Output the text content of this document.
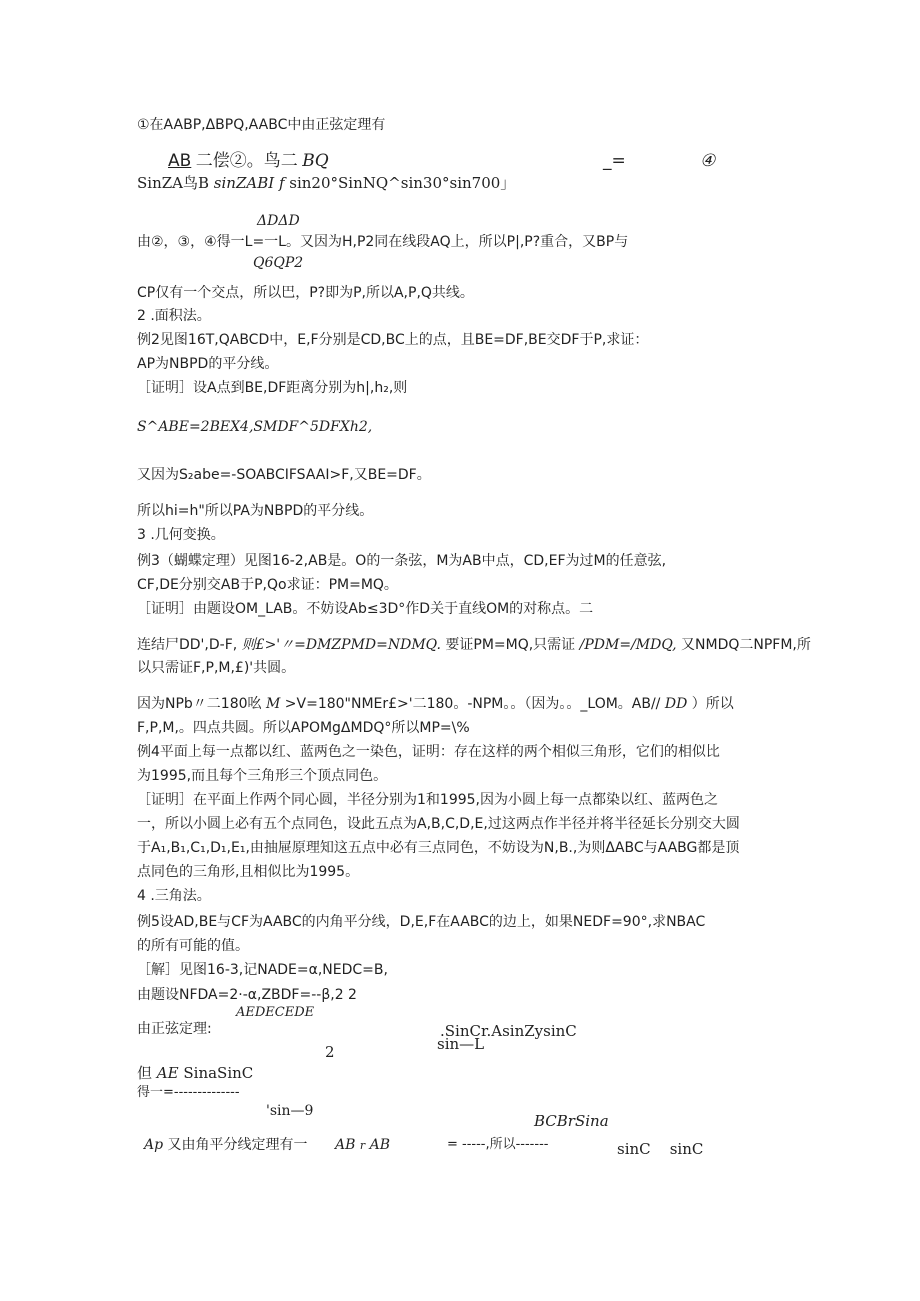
①在AABP,ΔBPQ,AABC中由正弦定理有
AB 二偿②。鸟二 BQ	_=	④
SinZA鸟B sinZABI f sin20°SinNQ^sin30°sin700」
ΔDΔD
由②，③，④得一L=一L。又因为H,P2同在线段AQ上，所以P|,P?重合，又BP与
Q6QP2
CP仅有一个交点，所以巴，P?即为P,所以A,P,Q共线。
2 .面积法。
例2见图16T,QABCD中，E,F分别是CD,BC上的点，且BE=DF,BE交DF于P,求证：
AP为NBPD的平分线。
［证明］设A点到BE,DF距离分别为h|,h₂,则
S^ABE=2BEX4,SMDF^5DFXh2,
又因为S₂abe=-SOABCIFSAAI>F,又BE=DF。
所以hi=h"所以PA为NBPD的平分线。
3 .几何变换。
例3（蝴蝶定理）见图16-2,AB是。O的一条弦，M为AB中点，CD,EF为过M的任意弦,
CF,DE分别交AB于P,Qo求证：PM=MQ。
［证明］由题设OM_LAB。不妨设Ab≤3D°作D关于直线OM的对称点。二
连结尸DD',D-F, 则£>'〃=DMZPMD=NDMQ. 要证PM=MQ,只需证 /PDM=/MDQ, 又NMDQ二NPFM,所
以只需证F,P,M,£)'共圆。
因为NPb〃二180吆 M >V=180"NMEr£>'二180。-NPM。。（因为。。_LOM。AB// DD ）所以
F,P,M,。四点共圆。所以APOMgΔMDQ°所以MP=\%
例4平面上每一点都以红、蓝两色之一染色，证明：存在这样的两个相似三角形，它们的相似比
为1995,而且每个三角形三个顶点同色。
［证明］在平面上作两个同心圆，半径分别为1和1995,因为小圆上每一点都染以红、蓝两色之
一，所以小圆上必有五个点同色，设此五点为A,B,C,D,E,过这两点作半径并将半径延长分别交大圆
于A₁,B₁,C₁,D₁,E₁,由抽屉原理知这五点中必有三点同色，不妨设为N,B.,为则ΔABC与AABG都是顶
点同色的三角形,且相似比为1995。
4 .三角法。
例5设AD,BE与CF为AABC的内角平分线，D,E,F在AABC的边上，如果NEDF=90°,求NBAC
的所有可能的值。
［解］见图16-3,记NADE=α,NEDC=B,
由题设NFDA=2·-α,ZBDF=--β,2 2
AEDECEDE
由正弦定理:	.SinCr.AsinZysinC
sin—L
2
但 AE SinaSinC
得一=--------------
'sin—9
BCBrSina
Ap 又由角平分线定理有一 AB r AB	= -----,所以-------	sinC    sinC
